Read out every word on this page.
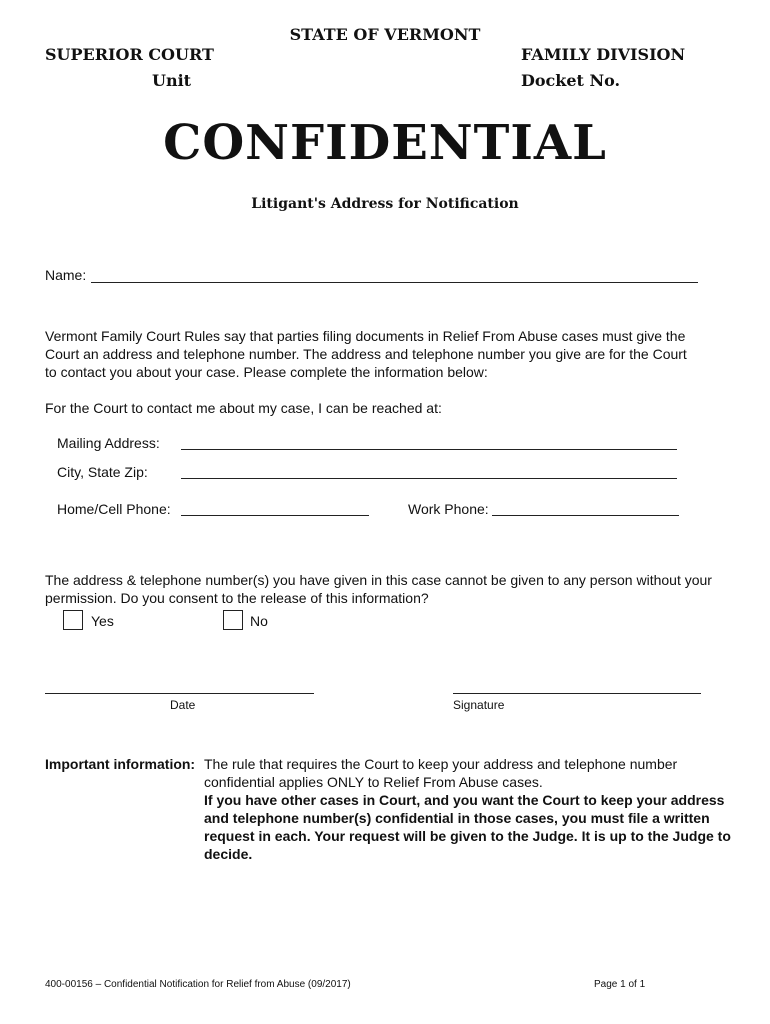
STATE OF VERMONT
SUPERIOR COURT
Unit
FAMILY DIVISION
Docket No.
CONFIDENTIAL
Litigant's Address for Notification
Name:
Vermont Family Court Rules say that parties filing documents in Relief From Abuse cases must give the
Court an address and telephone number. The address and telephone number you give are for the Court
to contact you about your case. Please complete the information below:
For the Court to contact me about my case, I can be reached at:
Mailing Address:
City, State Zip:
Home/Cell Phone:	Work Phone:
The address & telephone number(s) you have given in this case cannot be given to any person without your
permission. Do you consent to the release of this information?
Yes	No
Date	Signature
Important information: The rule that requires the Court to keep your address and telephone number
confidential applies ONLY to Relief From Abuse cases.
If you have other cases in Court, and you want the Court to keep your address
and telephone number(s) confidential in those cases, you must file a written
request in each. Your request will be given to the Judge. It is up to the Judge to
decide.
400-00156 – Confidential Notification for Relief from Abuse (09/2017)	Page 1 of 1
